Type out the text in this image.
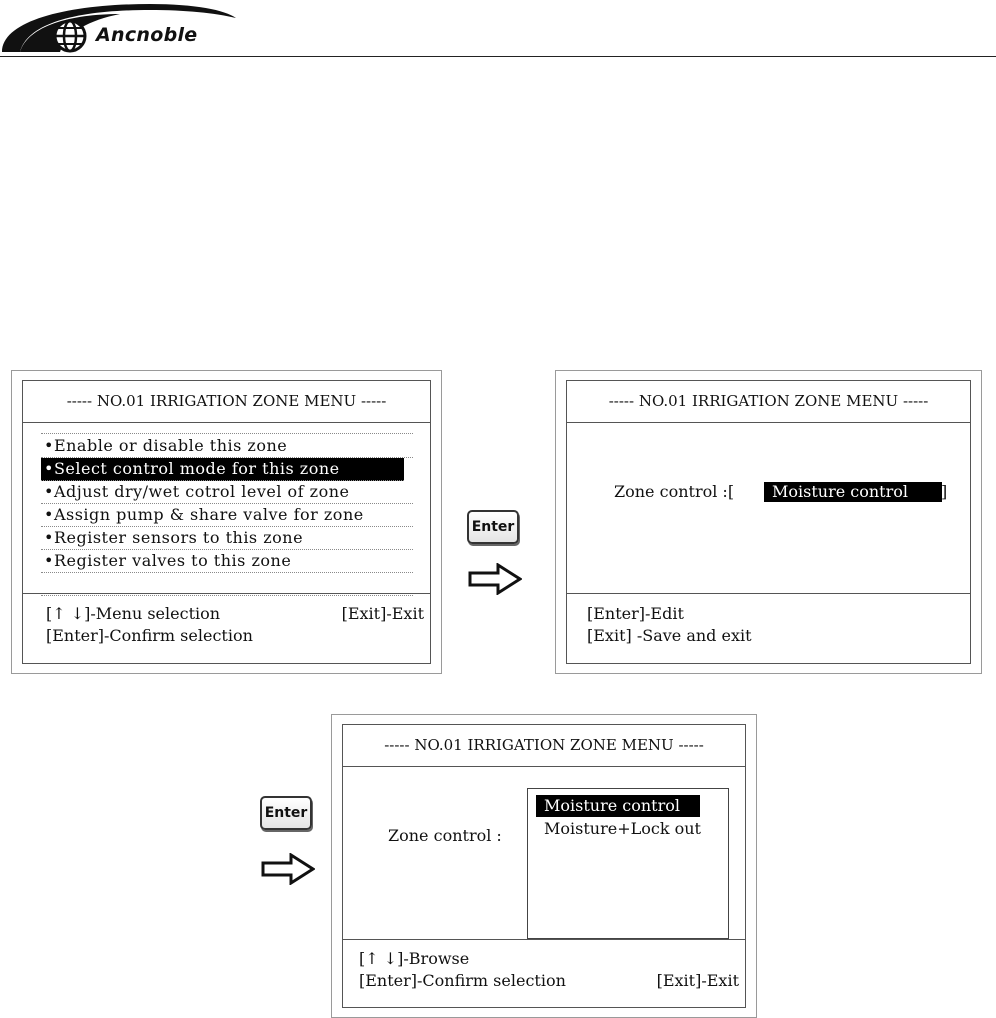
Ancnoble
----- NO.01 IRRIGATION ZONE MENU -----
•Enable or disable this zone
•Select control mode for this zone
•Adjust dry/wet cotrol level of zone
•Assign pump & share valve for zone
•Register sensors to this zone
•Register valves to this zone
[↑ ↓]-Menu selection	[Exit]-Exit
[Enter]-Confirm selection
Enter
----- NO.01 IRRIGATION ZONE MENU -----
Zone control :[	Moisture control	]
[Enter]-Edit
[Exit] -Save and exit
Enter
----- NO.01 IRRIGATION ZONE MENU -----
Zone control :
Moisture control
Moisture+Lock out
[↑ ↓]-Browse
[Enter]-Confirm selection	[Exit]-Exit
